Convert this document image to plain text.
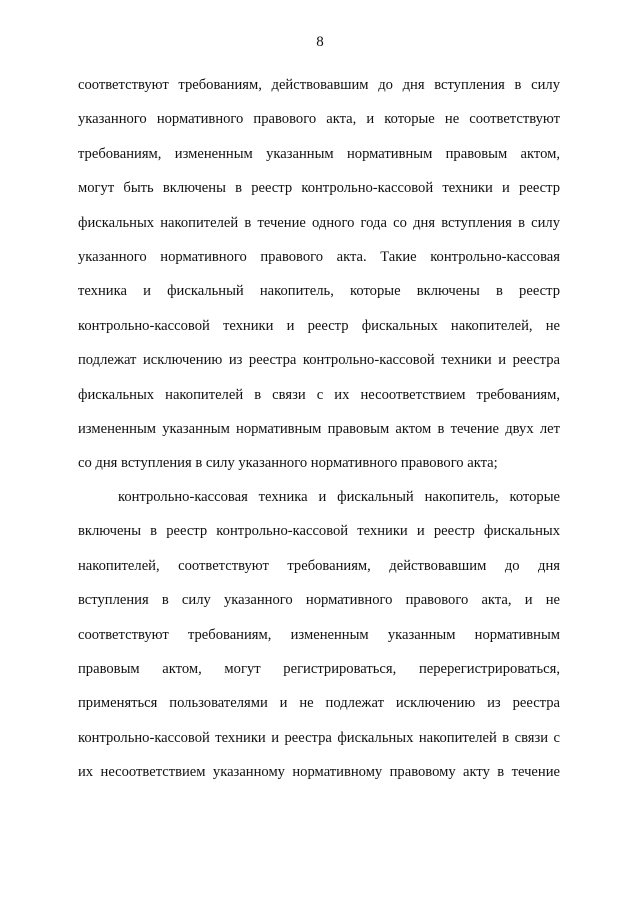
8
соответствуют требованиям, действовавшим до дня вступления в силу
указанного нормативного правового акта, и которые не соответствуют
требованиям, измененным указанным нормативным правовым актом,
могут быть включены в реестр контрольно-кассовой техники и реестр
фискальных накопителей в течение одного года со дня вступления в силу
указанного нормативного правового акта. Такие контрольно-кассовая
техника и фискальный накопитель, которые включены в реестр
контрольно-кассовой техники и реестр фискальных накопителей, не
подлежат исключению из реестра контрольно-кассовой техники и реестра
фискальных накопителей в связи с их несоответствием требованиям,
измененным указанным нормативным правовым актом в течение двух лет
со дня вступления в силу указанного нормативного правового акта;
контрольно-кассовая техника и фискальный накопитель, которые
включены в реестр контрольно-кассовой техники и реестр фискальных
накопителей, соответствуют требованиям, действовавшим до дня
вступления в силу указанного нормативного правового акта, и не
соответствуют требованиям, измененным указанным нормативным
правовым актом, могут регистрироваться, перерегистрироваться,
применяться пользователями и не подлежат исключению из реестра
контрольно-кассовой техники и реестра фискальных накопителей в связи с
их несоответствием указанному нормативному правовому акту в течение
